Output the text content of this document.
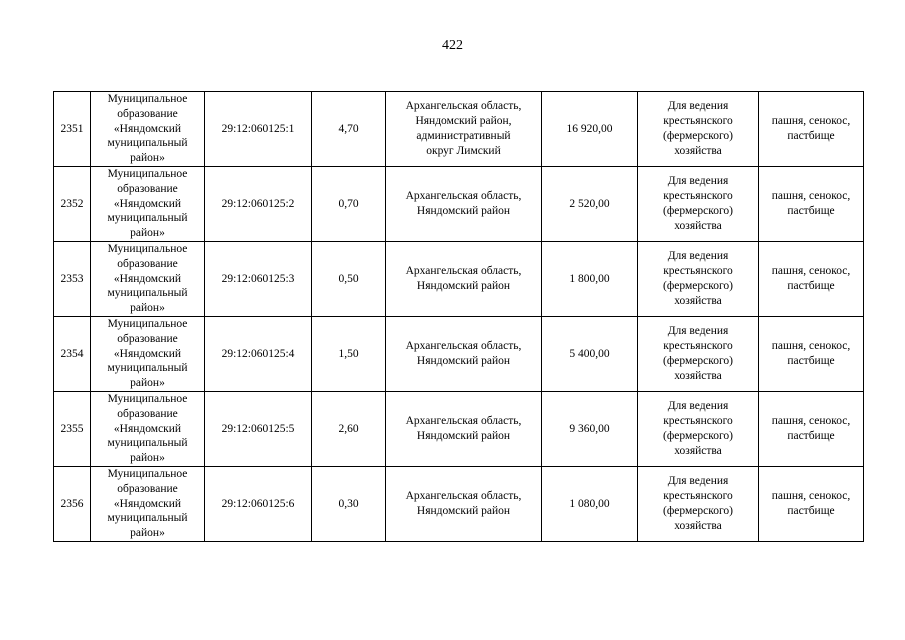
422
2351	Муниципальное
образование
«Няндомский
муниципальный
район»	29:12:060125:1	4,70	Архангельская область,
Няндомский район,
административный
округ Лимский	16 920,00	Для ведения
крестьянского
(фермерского)
хозяйства	пашня, сенокос,
пастбище
2352	Муниципальное
образование
«Няндомский
муниципальный
район»	29:12:060125:2	0,70	Архангельская область,
Няндомский район	2 520,00	Для ведения
крестьянского
(фермерского)
хозяйства	пашня, сенокос,
пастбище
2353	Муниципальное
образование
«Няндомский
муниципальный
район»	29:12:060125:3	0,50	Архангельская область,
Няндомский район	1 800,00	Для ведения
крестьянского
(фермерского)
хозяйства	пашня, сенокос,
пастбище
2354	Муниципальное
образование
«Няндомский
муниципальный
район»	29:12:060125:4	1,50	Архангельская область,
Няндомский район	5 400,00	Для ведения
крестьянского
(фермерского)
хозяйства	пашня, сенокос,
пастбище
2355	Муниципальное
образование
«Няндомский
муниципальный
район»	29:12:060125:5	2,60	Архангельская область,
Няндомский район	9 360,00	Для ведения
крестьянского
(фермерского)
хозяйства	пашня, сенокос,
пастбище
2356	Муниципальное
образование
«Няндомский
муниципальный
район»	29:12:060125:6	0,30	Архангельская область,
Няндомский район	1 080,00	Для ведения
крестьянского
(фермерского)
хозяйства	пашня, сенокос,
пастбище
